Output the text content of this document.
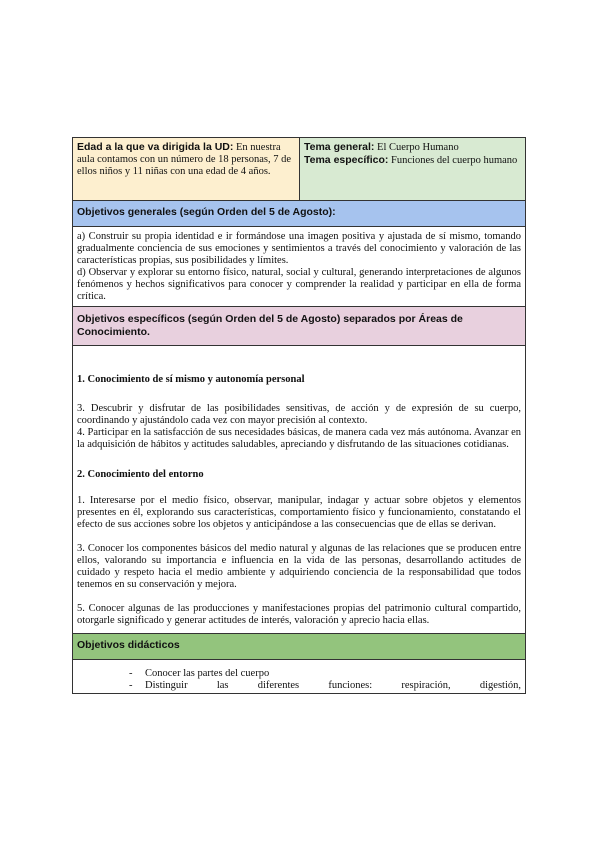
Edad a la que va dirigida la UD: En nuestra aula contamos con un número de 18 personas, 7 de ellos niños y 11 niñas con una edad de 4 años.	
Tema general: El Cuerpo Humano
Tema específico: Funciones del cuerpo humano

Objetivos generales (según Orden del 5 de Agosto):

a) Construir su propia identidad e ir formándose una imagen positiva y ajustada de sí mismo, tomando gradualmente conciencia de sus emociones y sentimientos a través del conocimiento y valoración de las características propias, sus posibilidades y límites.

d) Observar y explorar su entorno físico, natural, social y cultural, generando interpretaciones de algunos fenómenos y hechos significativos para conocer y comprender la realidad y participar en ella de forma crítica.

Objetivos específicos (según Orden del 5 de Agosto) separados por Áreas de Conocimiento.

1. Conocimiento de sí mismo y autonomía personal

3. Descubrir y disfrutar de las posibilidades sensitivas, de acción y de expresión de su cuerpo, coordinando y ajustándolo cada vez con mayor precisión al contexto.

4. Participar en la satisfacción de sus necesidades básicas, de manera cada vez más autónoma. Avanzar en la adquisición de hábitos y actitudes saludables, apreciando y disfrutando de las situaciones cotidianas.

2. Conocimiento del entorno

1. Interesarse por el medio físico, observar, manipular, indagar y actuar sobre objetos y elementos presentes en él, explorando sus características, comportamiento físico y funcionamiento, constatando el efecto de sus acciones sobre los objetos y anticipándose a las consecuencias que de ellas se derivan.

3. Conocer los componentes básicos del medio natural y algunas de las relaciones que se producen entre ellos, valorando su importancia e influencia en la vida de las personas, desarrollando actitudes de cuidado y respeto hacia el medio ambiente y adquiriendo conciencia de la responsabilidad que todos tenemos en su conservación y mejora.

5. Conocer algunas de las producciones y manifestaciones propias del patrimonio cultural compartido, otorgarle significado y generar actitudes de interés, valoración y aprecio hacia ellas.

Objetivos didácticos

-	Conocer las partes del cuerpo
-	Distinguir las diferentes funciones: respiración, digestión,
